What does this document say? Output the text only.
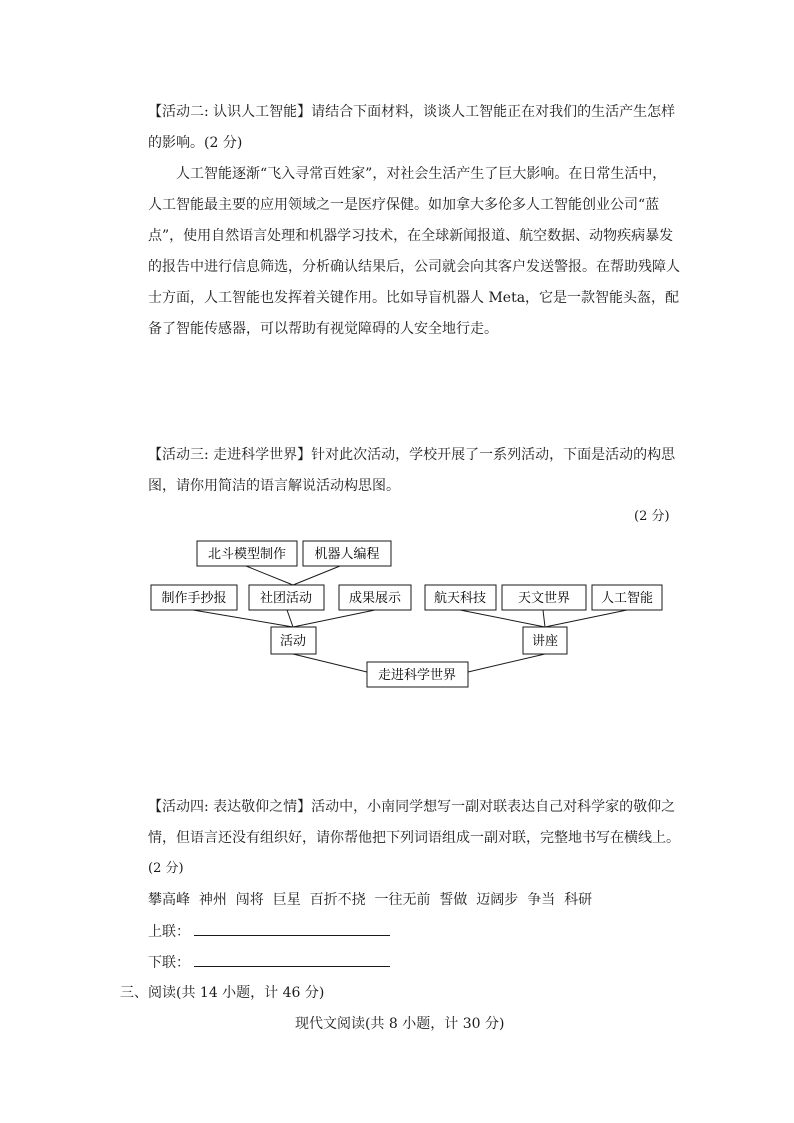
【活动二: 认识人工智能】请结合下面材料，谈谈人工智能正在对我们的生活产生怎样
的影响。(2 分)
人工智能逐渐“飞入寻常百姓家”，对社会生活产生了巨大影响。在日常生活中，
人工智能最主要的应用领域之一是医疗保健。如加拿大多伦多人工智能创业公司“蓝
点”，使用自然语言处理和机器学习技术，在全球新闻报道、航空数据、动物疾病暴发
的报告中进行信息筛选，分析确认结果后，公司就会向其客户发送警报。在帮助残障人
士方面，人工智能也发挥着关键作用。比如导盲机器人 Meta，它是一款智能头盔，配
备了智能传感器，可以帮助有视觉障碍的人安全地行走。
【活动三: 走进科学世界】针对此次活动，学校开展了一系列活动，下面是活动的构思
图，请你用简洁的语言解说活动构思图。
(2 分)
北斗模型制作 机器人编程
制作手抄报	社团活动	成果展示	航天科技 天文世界 人工智能
活动	讲座
走进科学世界
【活动四: 表达敬仰之情】活动中，小南同学想写一副对联表达自己对科学家的敬仰之
情，但语言还没有组织好，请你帮他把下列词语组成一副对联，完整地书写在横线上。
(2 分)
攀高峰  神州  闯将  巨星  百折不挠  一往无前  誓做  迈阔步  争当  科研
上联：
下联：
三、阅读(共 14 小题，计 46 分)
现代文阅读(共 8 小题，计 30 分)
